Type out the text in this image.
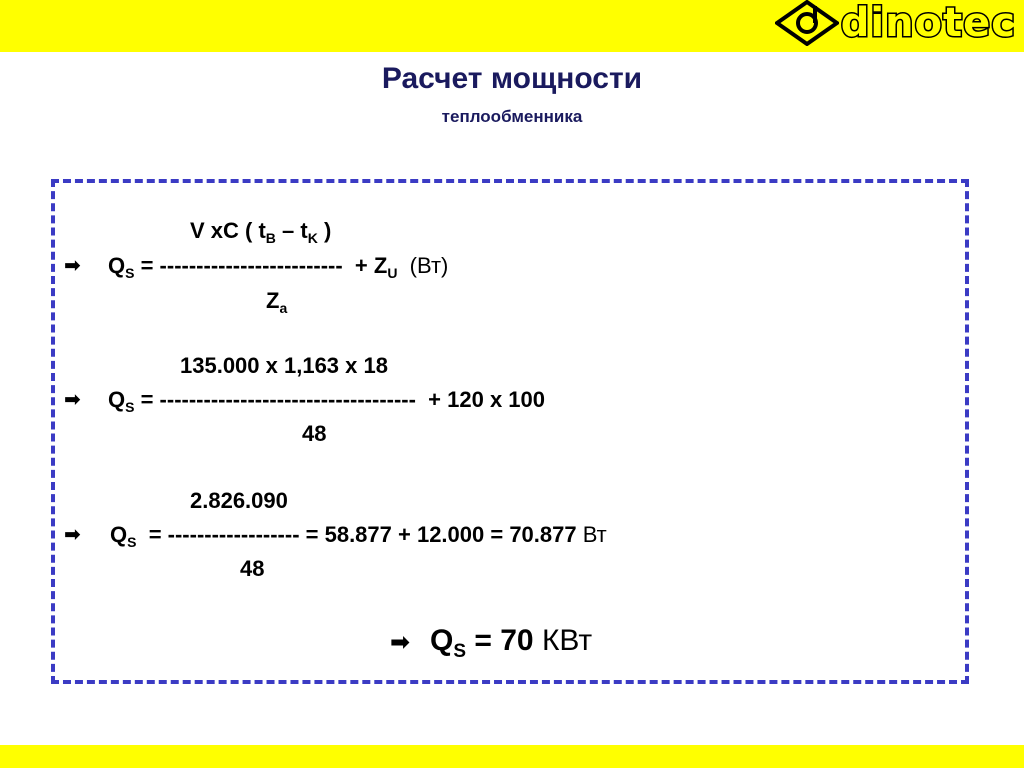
dinotec
Расчет мощности
теплообменника
V xC ( $t_B - t_K$ )
➡ $Q_S$ = -------------------------  + $Z_U$  (Вт)
$Z_a$
135.000 x 1,163 x 18
➡ $Q_S$ = -----------------------------------  + 120 x 100
48
2.826.090
➡ $Q_S$  = ------------------ = 58.877 + 12.000 = 70.877 Вт
48
➡ $Q_S = 70$ КВт
